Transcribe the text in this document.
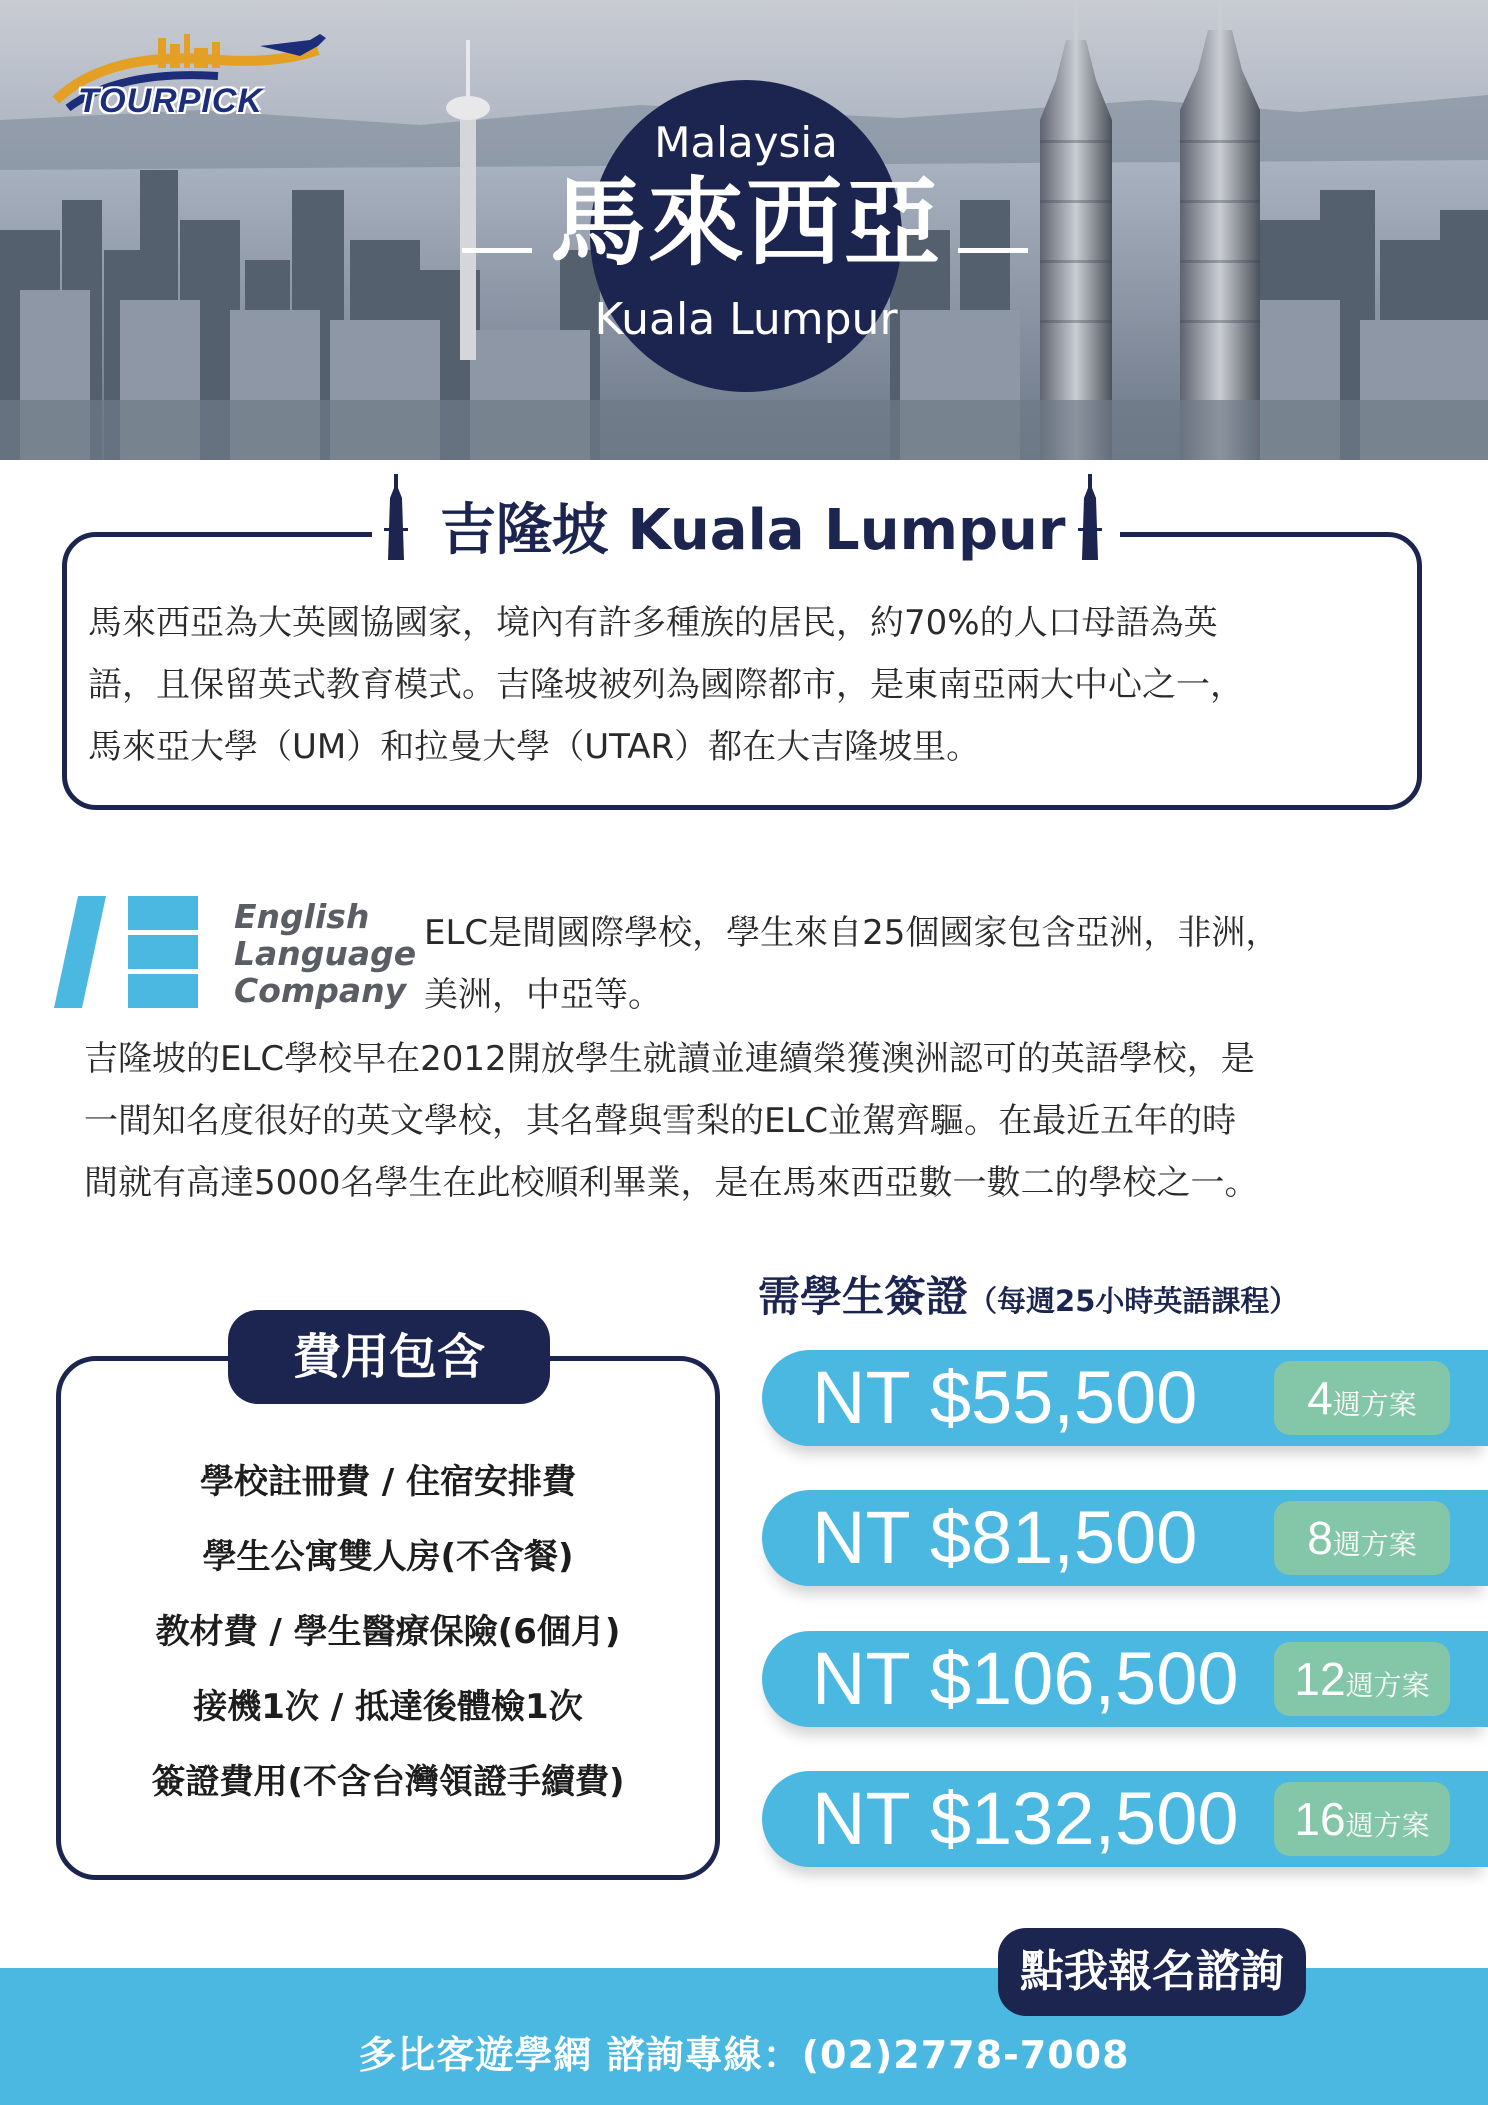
TOURPICK
Malaysia
馬來西亞
Kuala Lumpur
吉隆坡 Kuala Lumpur
馬來西亞為大英國協國家，境內有許多種族的居民，約70%的人口母語為英
語，且保留英式教育模式。吉隆坡被列為國際都市，是東南亞兩大中心之一，
馬來亞大學（UM）和拉曼大學（UTAR）都在大吉隆坡里。
English
Language
Company
ELC是間國際學校，學生來自25個國家包含亞洲，非洲，
美洲，中亞等。
吉隆坡的ELC學校早在2012開放學生就讀並連續榮獲澳洲認可的英語學校，是
一間知名度很好的英文學校，其名聲與雪梨的ELC並駕齊驅。在最近五年的時
間就有高達5000名學生在此校順利畢業，是在馬來西亞數一數二的學校之一。
費用包含
學校註冊費 / 住宿安排費
學生公寓雙人房(不含餐)
教材費 / 學生醫療保險(6個月)
接機1次 / 抵達後體檢1次
簽證費用(不含台灣領證手續費)
需學生簽證（每週25小時英語課程）
NT $55,500	4週方案
NT $81,500	8週方案
NT $106,500	12週方案
NT $132,500	16週方案
多比客遊學網 諮詢專線：(02)2778-7008
點我報名諮詢
